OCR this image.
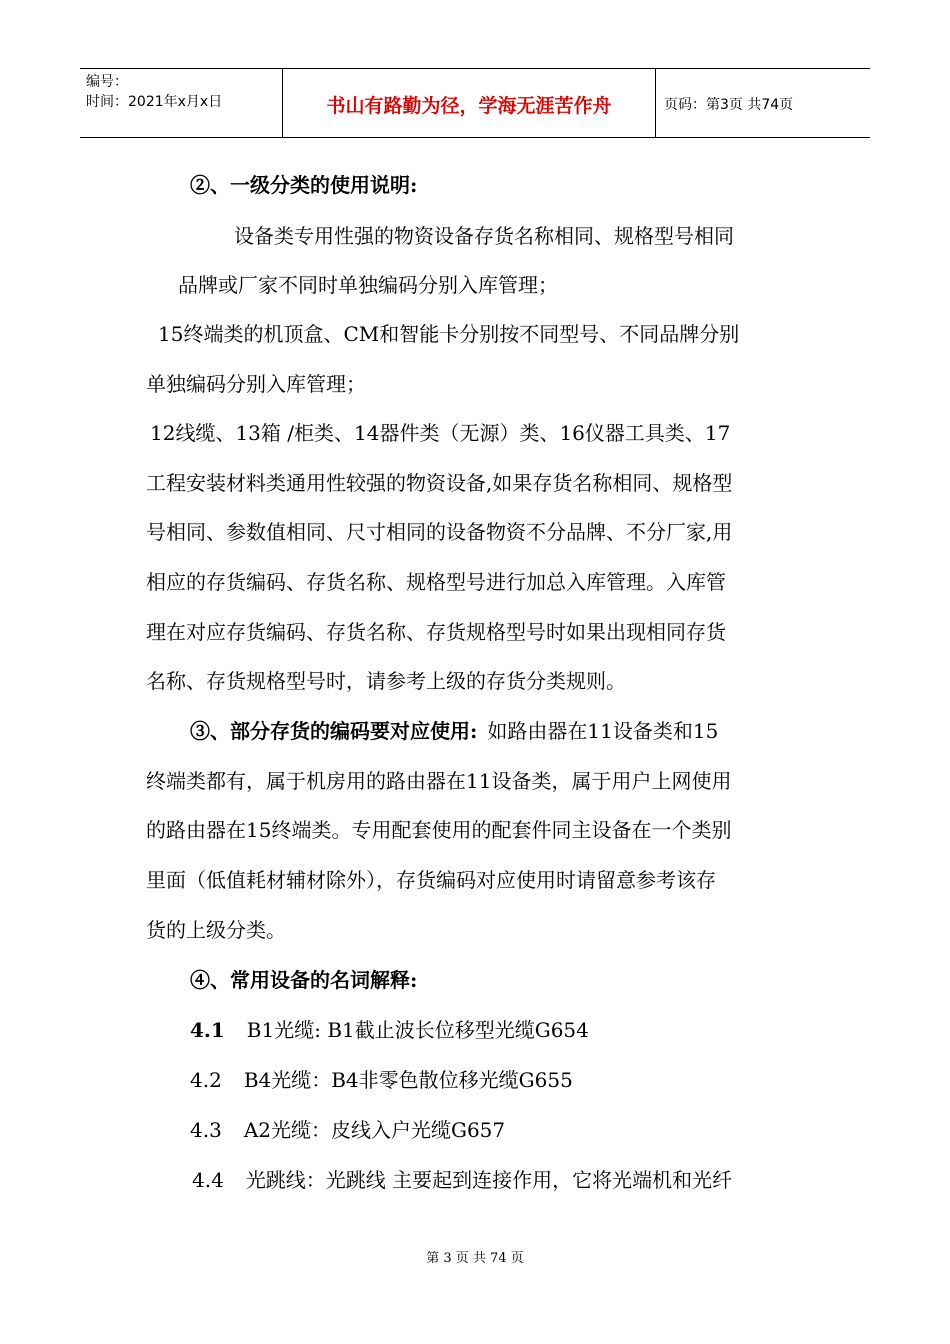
编号：
时间：2021年x月x日	书山有路勤为径，学海无涯苦作舟	页码：第3页 共74页
②、一级分类的使用说明:
设备类专用性强的物资设备存货名称相同、规格型号相同
品牌或厂家不同时单独编码分别入库管理；
15终端类的机顶盒、CM和智能卡分别按不同型号、不同品牌分别
单独编码分别入库管理；
12线缆、13箱 /柜类、14器件类（无源）类、16仪器工具类、17
工程安装材料类通用性较强的物资设备,如果存货名称相同、规格型
号相同、参数值相同、尺寸相同的设备物资不分品牌、不分厂家,用
相应的存货编码、存货名称、规格型号进行加总入库管理。入库管
理在对应存货编码、存货名称、存货规格型号时如果出现相同存货
名称、存货规格型号时，请参考上级的存货分类规则。
③、部分存货的编码要对应使用: 如路由器在11设备类和15
终端类都有，属于机房用的路由器在11设备类，属于用户上网使用
的路由器在15终端类。专用配套使用的配套件同主设备在一个类别
里面（低值耗材辅材除外），存货编码对应使用时请留意参考该存
货的上级分类。
④、常用设备的名词解释:
4.1 B1光缆: B1截止波长位移型光缆G654
4.2 B4光缆：B4非零色散位移光缆G655
4.3 A2光缆：皮线入户光缆G657
4.4 光跳线：光跳线 主要起到连接作用，它将光端机和光纤
第 3 页 共 74 页
